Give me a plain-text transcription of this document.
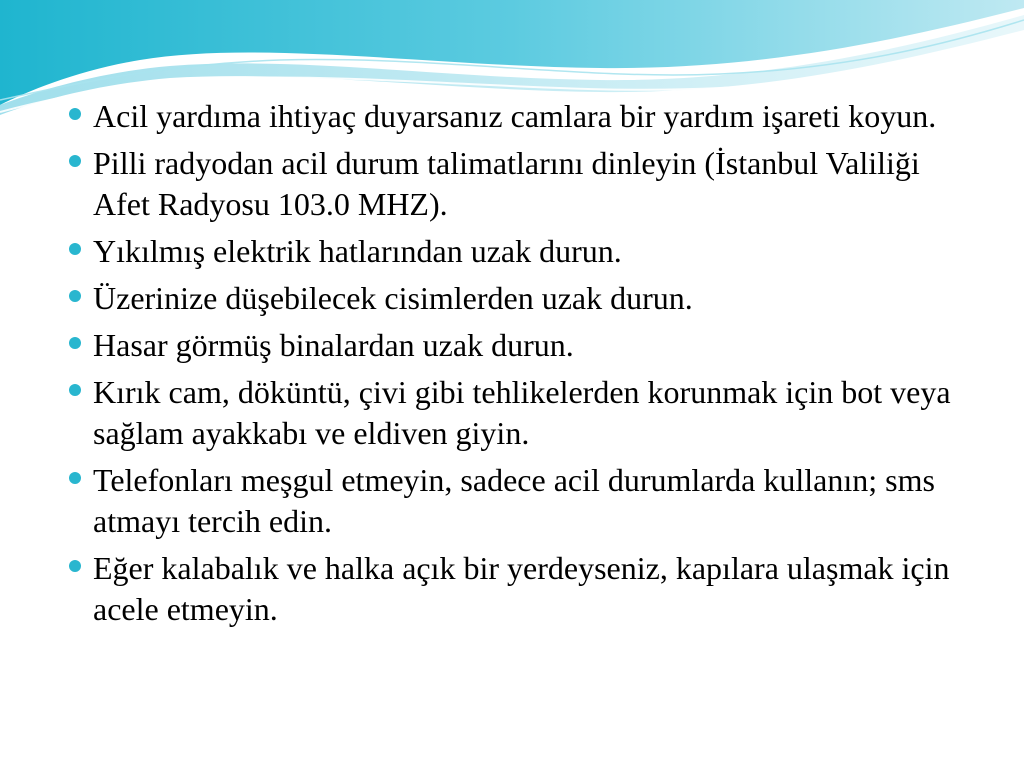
Acil yardıma ihtiyaç duyarsanız camlara bir yardım işareti koyun.
Pilli radyodan acil durum talimatlarını dinleyin (İstanbul Valiliği Afet Radyosu 103.0 MHZ).
Yıkılmış elektrik hatlarından uzak durun.
Üzerinize düşebilecek cisimlerden uzak durun.
Hasar görmüş binalardan uzak durun.
Kırık cam, döküntü, çivi gibi tehlikelerden korunmak için bot veya sağlam ayakkabı ve eldiven giyin.
Telefonları meşgul etmeyin, sadece acil durumlarda kullanın; sms atmayı tercih edin.
Eğer kalabalık ve halka açık bir yerdeyseniz, kapılara ulaşmak için acele etmeyin.
